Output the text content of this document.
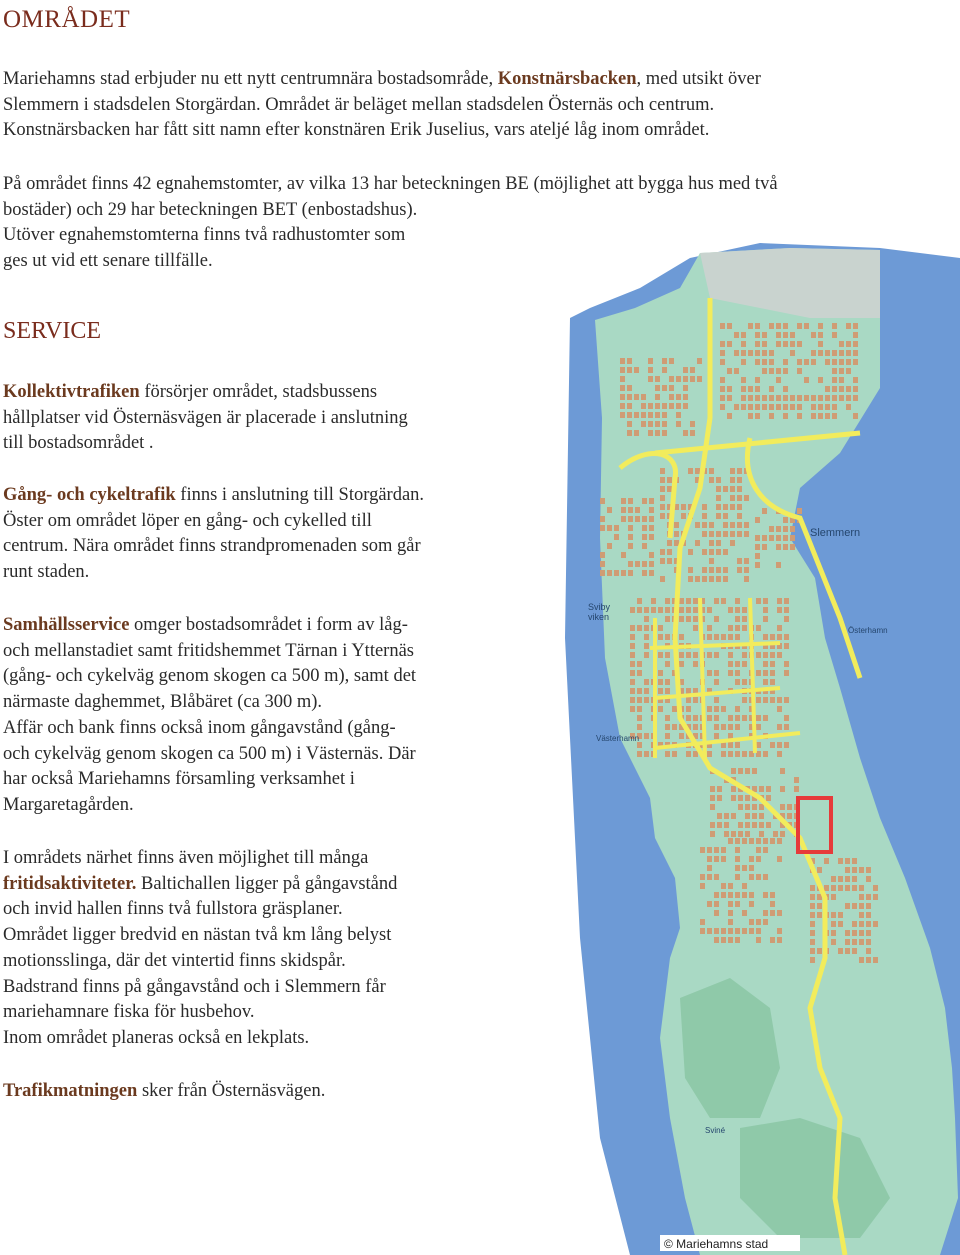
OMRÅDET

Mariehamns stad erbjuder nu ett nytt centrumnära bostadsområde, Konstnärsbacken, med utsikt över
Slemmern i stadsdelen Storgärdan. Området är beläget mellan stadsdelen Östernäs och centrum.
Konstnärsbacken har fått sitt namn efter konstnären Erik Juselius, vars ateljé låg inom området.

På området finns 42 egnahemstomter, av vilka 13 har beteckningen BE (möjlighet att bygga hus med två
bostäder) och 29 har beteckningen BET (enbostadshus).
Utöver egnahemstomterna finns två radhustomter som
ges ut vid ett senare tillfälle.

SERVICE

Kollektivtrafiken försörjer området, stadsbussens
hållplatser vid Östernäsvägen är placerade i anslutning
till bostadsområdet .

Gång- och cykeltrafik finns i anslutning till Storgärdan.
Öster om området löper en gång- och cykelled till
centrum. Nära området finns strandpromenaden som går
runt staden.

Samhällsservice omger bostadsområdet i form av låg-
och mellanstadiet samt fritidshemmet Tärnan i Ytternäs
(gång- och cykelväg genom skogen ca 500 m), samt det
närmaste daghemmet, Blåbäret (ca 300 m).
Affär och bank finns också inom gångavstånd (gång-
och cykelväg genom skogen ca 500 m) i Västernäs. Där
har också Mariehamns församling verksamhet i
Margaretagården.

I områdets närhet finns även möjlighet till många
fritidsaktiviteter. Baltichallen ligger på gångavstånd
och invid hallen finns två fullstora gräsplaner.
Området ligger bredvid en nästan två km lång belyst
motionsslinga, där det vintertid finns skidspår.
Badstrand finns på gångavstånd och i Slemmern får
mariehamnare fiska för husbehov.
Inom området planeras också en lekplats.

Trafikmatningen sker från Östernäsvägen.

Slemmern
Sviby
viken
Österhamn
Västerhamn
Sviné
© Mariehamns stad
